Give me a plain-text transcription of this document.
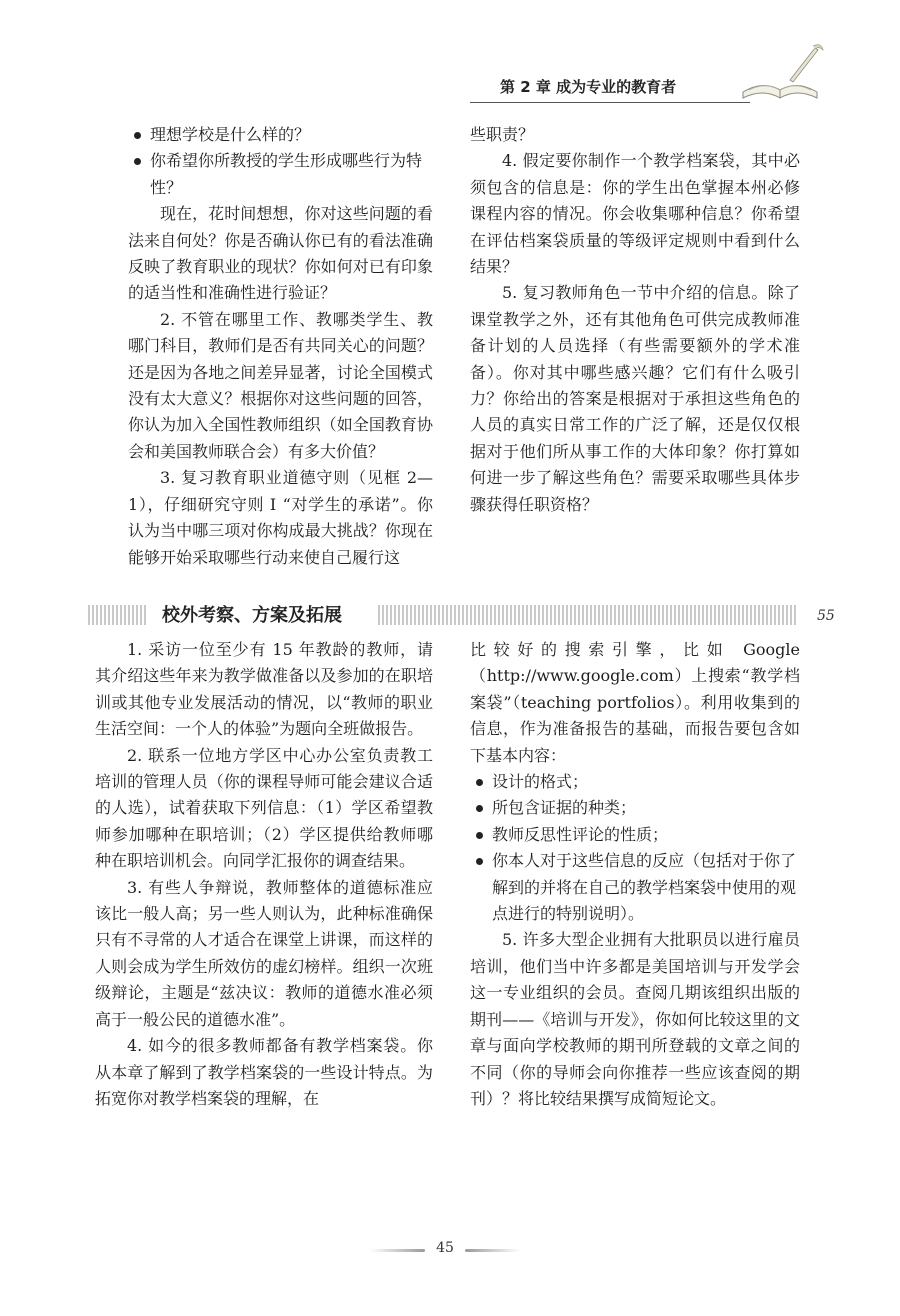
第 2 章 成为专业的教育者
理想学校是什么样的？
你希望你所教授的学生形成哪些行为特性？

现在，花时间想想，你对这些问题的看法来自何处？你是否确认你已有的看法准确反映了教育职业的现状？你如何对已有印象的适当性和准确性进行验证？

2. 不管在哪里工作、教哪类学生、教哪门科目，教师们是否有共同关心的问题？还是因为各地之间差异显著，讨论全国模式没有太大意义？根据你对这些问题的回答，你认为加入全国性教师组织（如全国教育协会和美国教师联合会）有多大价值？

3. 复习教育职业道德守则（见框 2—1），仔细研究守则 Ⅰ “对学生的承诺”。你认为当中哪三项对你构成最大挑战？你现在能够开始采取哪些行动来使自己履行这

些职责？

4. 假定要你制作一个教学档案袋，其中必须包含的信息是：你的学生出色掌握本州必修课程内容的情况。你会收集哪种信息？你希望在评估档案袋质量的等级评定规则中看到什么结果？

5. 复习教师角色一节中介绍的信息。除了课堂教学之外，还有其他角色可供完成教师准备计划的人员选择（有些需要额外的学术准备）。你对其中哪些感兴趣？它们有什么吸引力？你给出的答案是根据对于承担这些角色的人员的真实日常工作的广泛了解，还是仅仅根据对于他们所从事工作的大体印象？你打算如何进一步了解这些角色？需要采取哪些具体步骤获得任职资格？

校外考察、方案及拓展	55

1. 采访一位至少有 15 年教龄的教师，请其介绍这些年来为教学做准备以及参加的在职培训或其他专业发展活动的情况，以“教师的职业生活空间：一个人的体验”为题向全班做报告。

2. 联系一位地方学区中心办公室负责教工培训的管理人员（你的课程导师可能会建议合适的人选），试着获取下列信息：（1）学区希望教师参加哪种在职培训；（2）学区提供给教师哪种在职培训机会。向同学汇报你的调查结果。

3. 有些人争辩说，教师整体的道德标准应该比一般人高；另一些人则认为，此种标准确保只有不寻常的人才适合在课堂上讲课，而这样的人则会成为学生所效仿的虚幻榜样。组织一次班级辩论，主题是“兹决议：教师的道德水准必须高于一般公民的道德水准”。

4. 如今的很多教师都备有教学档案袋。你从本章了解到了教学档案袋的一些设计特点。为拓宽你对教学档案袋的理解，在

比较好的搜索引擎，比如 Google（http://www.google.com）上搜索“教学档案袋”（teaching portfolios）。利用收集到的信息，作为准备报告的基础，而报告要包含如下基本内容：

设计的格式；
所包含证据的种类；
教师反思性评论的性质；
你本人对于这些信息的反应（包括对于你了解到的并将在自己的教学档案袋中使用的观点进行的特别说明）。

5. 许多大型企业拥有大批职员以进行雇员培训，他们当中许多都是美国培训与开发学会这一专业组织的会员。查阅几期该组织出版的期刊——《培训与开发》，你如何比较这里的文章与面向学校教师的期刊所登载的文章之间的不同（你的导师会向你推荐一些应该查阅的期刊）？将比较结果撰写成简短论文。

45
